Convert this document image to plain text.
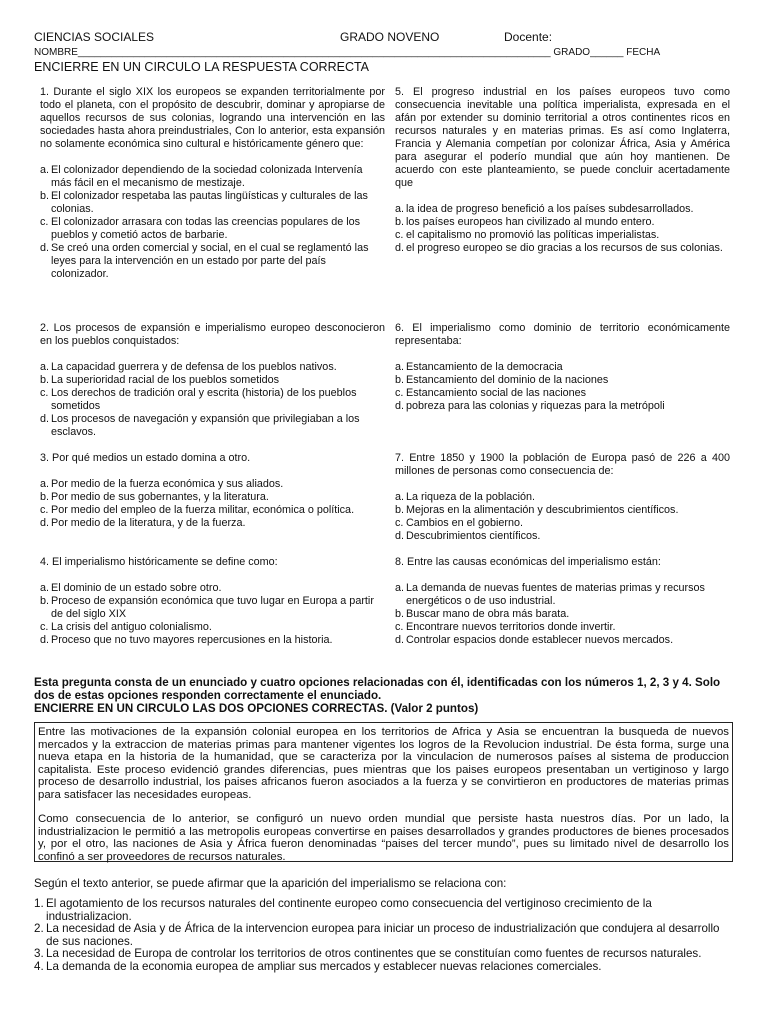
CIENCIAS SOCIALES	GRADO NOVENO	Docente:
NOMBRE_____________________________________________________________________________________ GRADO______ FECHA
ENCIERRE EN UN CIRCULO LA RESPUESTA CORRECTA

1. Durante el siglo XIX los europeos se expanden territorialmente por todo el planeta, con el propósito de descubrir, dominar y apropiarse de aquellos recursos de sus colonias, logrando una intervención en las sociedades hasta ahora preindustriales, Con lo anterior, esta expansión no solamente económica sino cultural e históricamente género que:

a. El colonizador dependiendo de la sociedad colonizada Intervenía más fácil en el mecanismo de mestizaje.
b. El colonizador respetaba las pautas lingüísticas y culturales de las colonias.
c. El colonizador arrasara con todas las creencias populares de los pueblos y cometió actos de barbarie.
d. Se creó una orden comercial y social, en el cual se reglamentó las leyes para la intervención en un estado por parte del país colonizador.

2. Los procesos de expansión e imperialismo europeo desconocieron en los pueblos conquistados:

a. La capacidad guerrera y de defensa de los pueblos nativos.
b. La superioridad racial de los pueblos sometidos
c. Los derechos de tradición oral y escrita (historia) de los pueblos sometidos
d. Los procesos de navegación y expansión que privilegiaban a los esclavos.

3. Por qué medios un estado domina a otro.

a. Por medio de la fuerza económica y sus aliados.
b. Por medio de sus gobernantes, y la literatura.
c. Por medio del empleo de la fuerza militar, económica o política.
d. Por medio de la literatura, y de la fuerza.

4. El imperialismo históricamente se define como:

a. El dominio de un estado sobre otro.
b. Proceso de expansión económica que tuvo lugar en Europa a partir de del siglo XIX
c. La crisis del antiguo colonialismo.
d. Proceso que no tuvo mayores repercusiones en la historia.

5. El progreso industrial en los países europeos tuvo como consecuencia inevitable una política imperialista, expresada en el afán por extender su dominio territorial a otros continentes ricos en recursos naturales y en materias primas. Es así como Inglaterra, Francia y Alemania competían por colonizar África, Asia y América para asegurar el poderío mundial que aún hoy mantienen. De acuerdo con este planteamiento, se puede concluir acertadamente que

a. la idea de progreso benefició a los países subdesarrollados.
b. los países europeos han civilizado al mundo entero.
c. el capitalismo no promovió las políticas imperialistas.
d. el progreso europeo se dio gracias a los recursos de sus colonias.

6. El imperialismo como dominio de territorio económicamente representaba:

a. Estancamiento de la democracia
b. Estancamiento del dominio de la naciones
c. Estancamiento social de las naciones
d. pobreza para las colonias y riquezas para la metrópoli

7. Entre 1850 y 1900 la población de Europa pasó de 226 a 400 millones de personas como consecuencia de:

a. La riqueza de la población.
b. Mejoras en la alimentación y descubrimientos científicos.
c. Cambios en el gobierno.
d. Descubrimientos científicos.

8. Entre las causas económicas del imperialismo están:

a. La demanda de nuevas fuentes de materias primas y recursos energéticos o de uso industrial.
b. Buscar mano de obra más barata.
c. Encontrare nuevos territorios donde invertir.
d. Controlar espacios donde establecer nuevos mercados.
Esta pregunta consta de un enunciado y cuatro opciones relacionadas con él, identificadas con los números 1, 2, 3 y 4. Solo dos de estas opciones responden correctamente el enunciado.
ENCIERRE EN UN CIRCULO LAS DOS OPCIONES CORRECTAS. (Valor 2 puntos)

Entre las motivaciones de la expansión colonial europea en los territorios de Africa y Asia se encuentran la busqueda de nuevos mercados y la extraccion de materias primas para mantener vigentes los logros de la Revolucion industrial. De ésta forma, surge una nueva etapa en la historia de la humanidad, que se caracteriza por la vinculacion de numerosos países al sistema de produccion capitalista. Este proceso evidenció grandes diferencias, pues mientras que los paises europeos presentaban un vertiginoso y largo proceso de desarrollo industrial, los paises africanos fueron asociados a la fuerza y se convirtieron en productores de materias primas para satisfacer las necesidades europeas.

Como consecuencia de lo anterior, se configuró un nuevo orden mundial que persiste hasta nuestros días. Por un lado, la industrializacion le permitió a las metropolis europeas convertirse en paises desarrollados y grandes productores de bienes procesados y, por el otro, las naciones de Asia y África fueron denominadas “paises del tercer mundo”, pues su limitado nivel de desarrollo los confinó a ser proveedores de recursos naturales.

Según el texto anterior, se puede afirmar que la aparición del imperialismo se relaciona con:
1. El agotamiento de los recursos naturales del continente europeo como consecuencia del vertiginoso crecimiento de la industrializacion.
2. La necesidad de Asia y de África de la intervencion europea para iniciar un proceso de industrialización que condujera al desarrollo de sus naciones.
3. La necesidad de Europa de controlar los territorios de otros continentes que se constituían como fuentes de recursos naturales.
4. La demanda de la economia europea de ampliar sus mercados y establecer nuevas relaciones comerciales.
